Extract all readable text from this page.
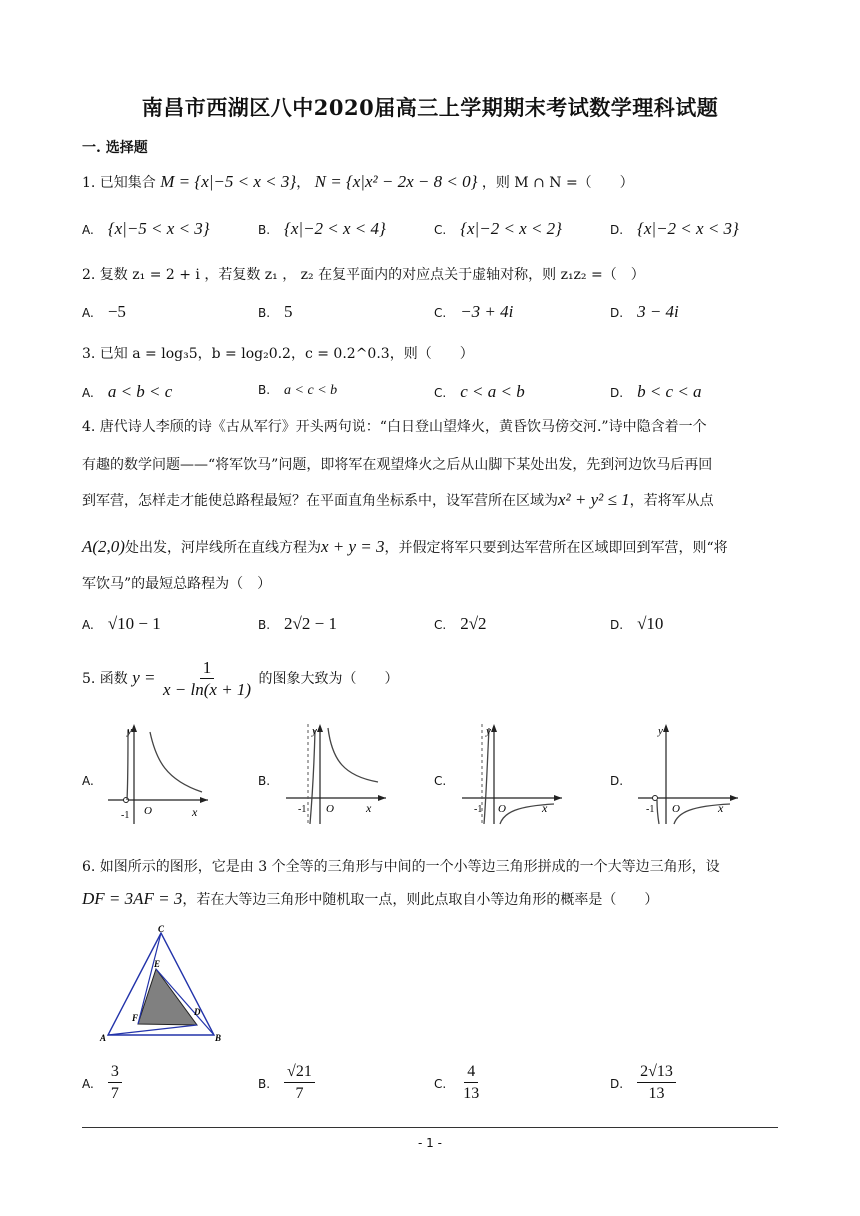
南昌市西湖区八中2020届高三上学期期末考试数学理科试题
一. 选择题
1. 已知集合 M = {x|−5 < x < 3}， N = {x|x² − 2x − 8 < 0} ，则 M ∩ N =（　　）
A. {x|−5 < x < 3}	B. {x|−2 < x < 4}	C. {x|−2 < x < 2}	D. {x|−2 < x < 3}
2. 复数 z₁ = 2 + i ，若复数 z₁ ， z₂ 在复平面内的对应点关于虚轴对称，则 z₁z₂ =（　）
A. −5	B. 5	C. −3 + 4i	D. 3 − 4i
3. 已知 a = log₃5，b = log₂0.2，c = 0.2^0.3，则（　　）
A. a < b < c	B. a < c < b	C. c < a < b	D. b < c < a
4. 唐代诗人李颀的诗《古从军行》开头两句说：“白日登山望烽火，黄昏饮马傍交河.”诗中隐含着一个
有趣的数学问题——“将军饮马”问题，即将军在观望烽火之后从山脚下某处出发，先到河边饮马后再回
到军营，怎样走才能使总路程最短？在平面直角坐标系中，设军营所在区域为x² + y² ≤ 1，若将军从点
A(2,0)处出发，河岸线所在直线方程为x + y = 3，并假定将军只要到达军营所在区域即回到军营，则“将
军饮马”的最短总路程为（　）
A. √10 − 1	B. 2√2 − 1	C. 2√2	D. √10
5. 函数 $y = \frac{1}{x - \ln(x + 1)}$ 的图象大致为（　　）
A.	B.	C.	D.
y
-1 O	x
y
-1 O	x
y
-1 O	x
y
-1 O	x
6. 如图所示的图形，它是由 3 个全等的三角形与中间的一个小等边三角形拼成的一个大等边三角形，设
DF = 3AF = 3，若在大等边三角形中随机取一点，则此点取自小等边角形的概率是（　　）
C
E
F
D
A	B
A. $\frac{3}{7}$	B. $\frac{√21}{7}$	C. $\frac{4}{13}$	D. $\frac{2√13}{13}$
- 1 -
